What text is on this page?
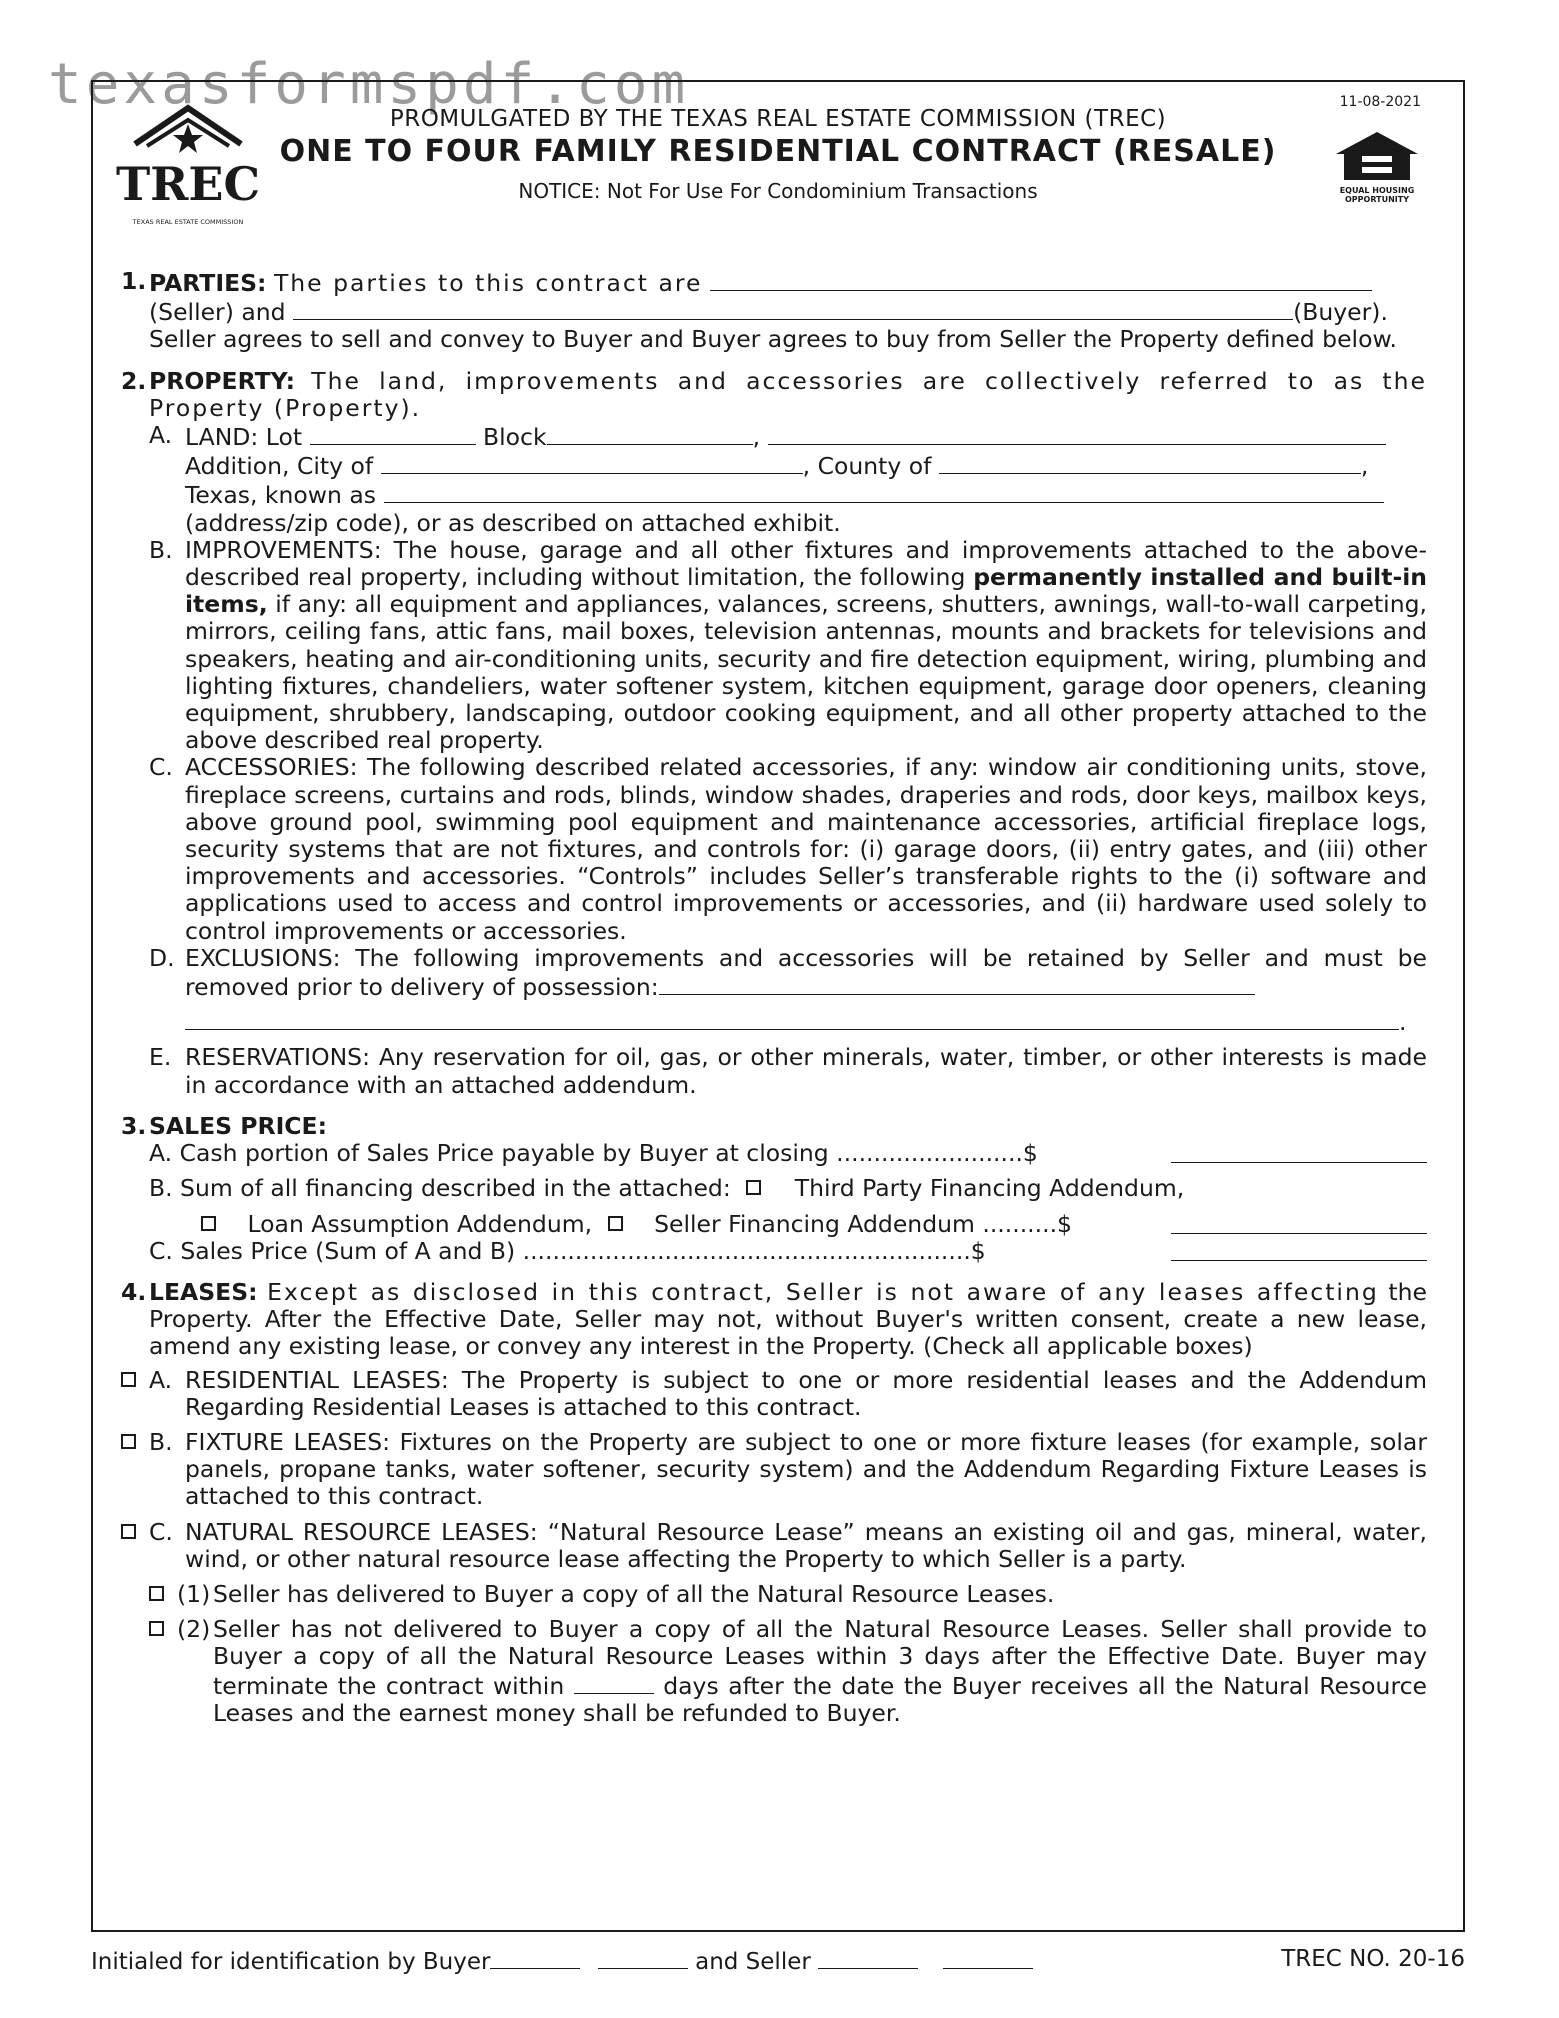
texasformspdf.com	11-08-2021
TREC
TEXAS REAL ESTATE COMMISSION
PROMULGATED BY THE TEXAS REAL ESTATE COMMISSION (TREC)
ONE TO FOUR FAMILY RESIDENTIAL CONTRACT (RESALE)
NOTICE: Not For Use For Condominium Transactions	EQUAL HOUSING OPPORTUNITY
1. PARTIES: The parties to this contract are
(Seller) and	(Buyer).
Seller agrees to sell and convey to Buyer and Buyer agrees to buy from Seller the Property defined below.
2. PROPERTY: The land, improvements and accessories are collectively referred to as the Property (Property).
A. LAND: Lot	Block	,
Addition, City of	, County of	,
Texas, known as
(address/zip code), or as described on attached exhibit.
B. IMPROVEMENTS: The house, garage and all other fixtures and improvements attached to the above-described real property, including without limitation, the following permanently installed and built-in items, if any: all equipment and appliances, valances, screens, shutters, awnings, wall-to-wall carpeting, mirrors, ceiling fans, attic fans, mail boxes, television antennas, mounts and brackets for televisions and speakers, heating and air-conditioning units, security and fire detection equipment, wiring, plumbing and lighting fixtures, chandeliers, water softener system, kitchen equipment, garage door openers, cleaning equipment, shrubbery, landscaping, outdoor cooking equipment, and all other property attached to the above described real property.
C. ACCESSORIES: The following described related accessories, if any: window air conditioning units, stove, fireplace screens, curtains and rods, blinds, window shades, draperies and rods, door keys, mailbox keys, above ground pool, swimming pool equipment and maintenance accessories, artificial fireplace logs, security systems that are not fixtures, and controls for: (i) garage doors, (ii) entry gates, and (iii) other improvements and accessories. “Controls” includes Seller’s transferable rights to the (i) software and applications used to access and control improvements or accessories, and (ii) hardware used solely to control improvements or accessories.
D. EXCLUSIONS: The following improvements and accessories will be retained by Seller and must be removed prior to delivery of possession:
.
E. RESERVATIONS: Any reservation for oil, gas, or other minerals, water, timber, or other interests is made in accordance with an attached addendum.
3. SALES PRICE:
A. Cash portion of Sales Price payable by Buyer at closing .........................$
B. Sum of all financing described in the attached:	Third Party Financing Addendum,
Loan Assumption Addendum,	Seller Financing Addendum ..........$
C. Sales Price (Sum of A and B) ............................................................$
4. LEASES: Except as disclosed in this contract, Seller is not aware of any leases affecting the Property. After the Effective Date, Seller may not, without Buyer's written consent, create a new lease, amend any existing lease, or convey any interest in the Property. (Check all applicable boxes)
A. RESIDENTIAL LEASES: The Property is subject to one or more residential leases and the Addendum Regarding Residential Leases is attached to this contract.
B. FIXTURE LEASES: Fixtures on the Property are subject to one or more fixture leases (for example, solar panels, propane tanks, water softener, security system) and the Addendum Regarding Fixture Leases is attached to this contract.
C. NATURAL RESOURCE LEASES: “Natural Resource Lease” means an existing oil and gas, mineral, water, wind, or other natural resource lease affecting the Property to which Seller is a party.
(1) Seller has delivered to Buyer a copy of all the Natural Resource Leases.
(2) Seller has not delivered to Buyer a copy of all the Natural Resource Leases. Seller shall provide to Buyer a copy of all the Natural Resource Leases within 3 days after the Effective Date. Buyer may terminate the contract within	days after the date the Buyer receives all the Natural Resource Leases and the earnest money shall be refunded to Buyer.
Initialed for identification by Buyer	and Seller	TREC NO. 20-16
